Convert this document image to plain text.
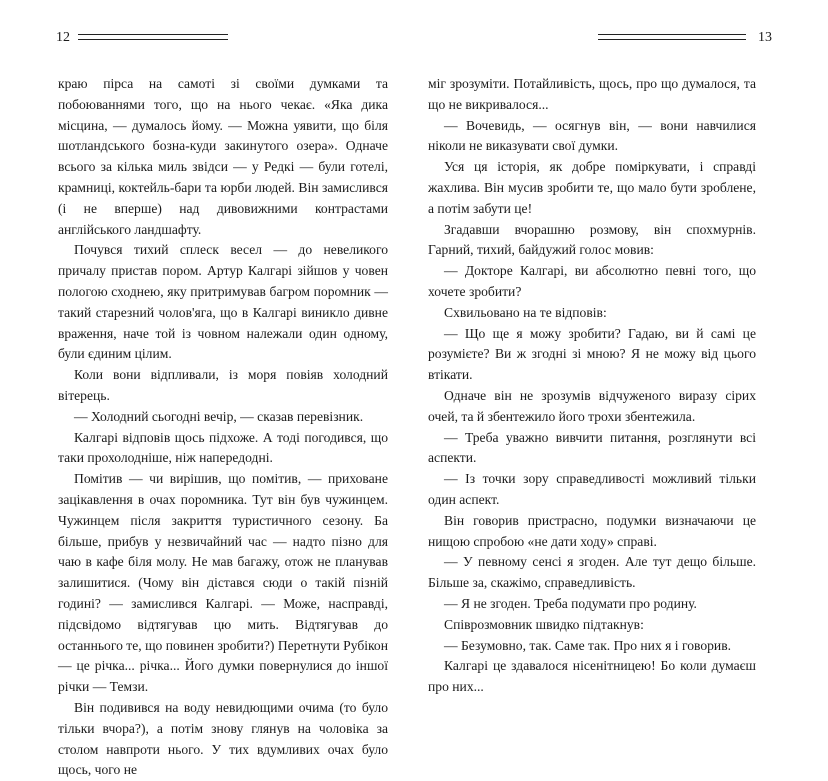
12

краю пірса на самоті зі своїми думками та побоюваннями того, що на нього чекає. «Яка дика місцина, — думалось йому. — Можна уявити, що біля шотландського бозна-куди закинутого озера». Одначе всього за кілька миль звідси — у Редкі — були готелі, крамниці, коктейль-бари та юрби людей. Він замислився (і не вперше) над дивовижними контрастами англійського ландшафту.

Почувся тихий сплеск весел — до невеликого причалу пристав пором. Артур Калгарі зійшов у човен пологою сходнею, яку притримував багром поромник — такий старезний чолов'яга, що в Калгарі виникло дивне враження, наче той із човном належали один одному, були єдиним цілим.

Коли вони відпливали, із моря повіяв холодний вітерець.

— Холодний сьогодні вечір, — сказав перевізник.

Калгарі відповів щось підхоже. А тоді погодився, що таки прохолодніше, ніж напередодні.

Помітив — чи вирішив, що помітив, — приховане зацікавлення в очах поромника. Тут він був чужинцем. Чужинцем після закриття туристичного сезону. Ба більше, прибув у незвичайний час — надто пізно для чаю в кафе біля молу. Не мав багажу, отож не планував залишитися. (Чому він дістався сюди о такій пізній годині? — замислився Калгарі. — Може, насправді, підсвідомо відтягував цю мить. Відтягував до останнього те, що повинен зробити?) Перетнути Рубікон — це річка... річка... Його думки повернулися до іншої річки — Темзи.

Він подивився на воду невидющими очима (то було тільки вчора?), а потім знову глянув на чоловіка за столом навпроти нього. У тих вдумливих очах було щось, чого не

13

міг зрозуміти. Потайливість, щось, про що думалося, та що не викривалося...

— Вочевидь, — осягнув він, — вони навчилися ніколи не виказувати свої думки.

Уся ця історія, як добре поміркувати, і справді жахлива. Він мусив зробити те, що мало бути зроблене, а потім забути це!

Згадавши вчорашню розмову, він спохмурнів. Гарний, тихий, байдужий голос мовив:

— Докторе Калгарі, ви абсолютно певні того, що хочете зробити?

Схвильовано на те відповів:

— Що ще я можу зробити? Гадаю, ви й самі це розумієте? Ви ж згодні зі мною? Я не можу від цього втікати.

Одначе він не зрозумів відчуженого виразу сірих очей, та й збентежило його трохи збентежила.

— Треба уважно вивчити питання, розглянути всі аспекти.

— Із точки зору справедливості можливий тільки один аспект.

Він говорив пристрасно, подумки визначаючи це нищою спробою «не дати ходу» справі.

— У певному сенсі я згоден. Але тут дещо більше. Більше за, скажімо, справедливість.

— Я не згоден. Треба подумати про родину.

Співрозмовник швидко підтакнув:

— Безумовно, так. Саме так. Про них я і говорив.

Калгарі це здавалося нісенітницею! Бо коли думаєш про них...
